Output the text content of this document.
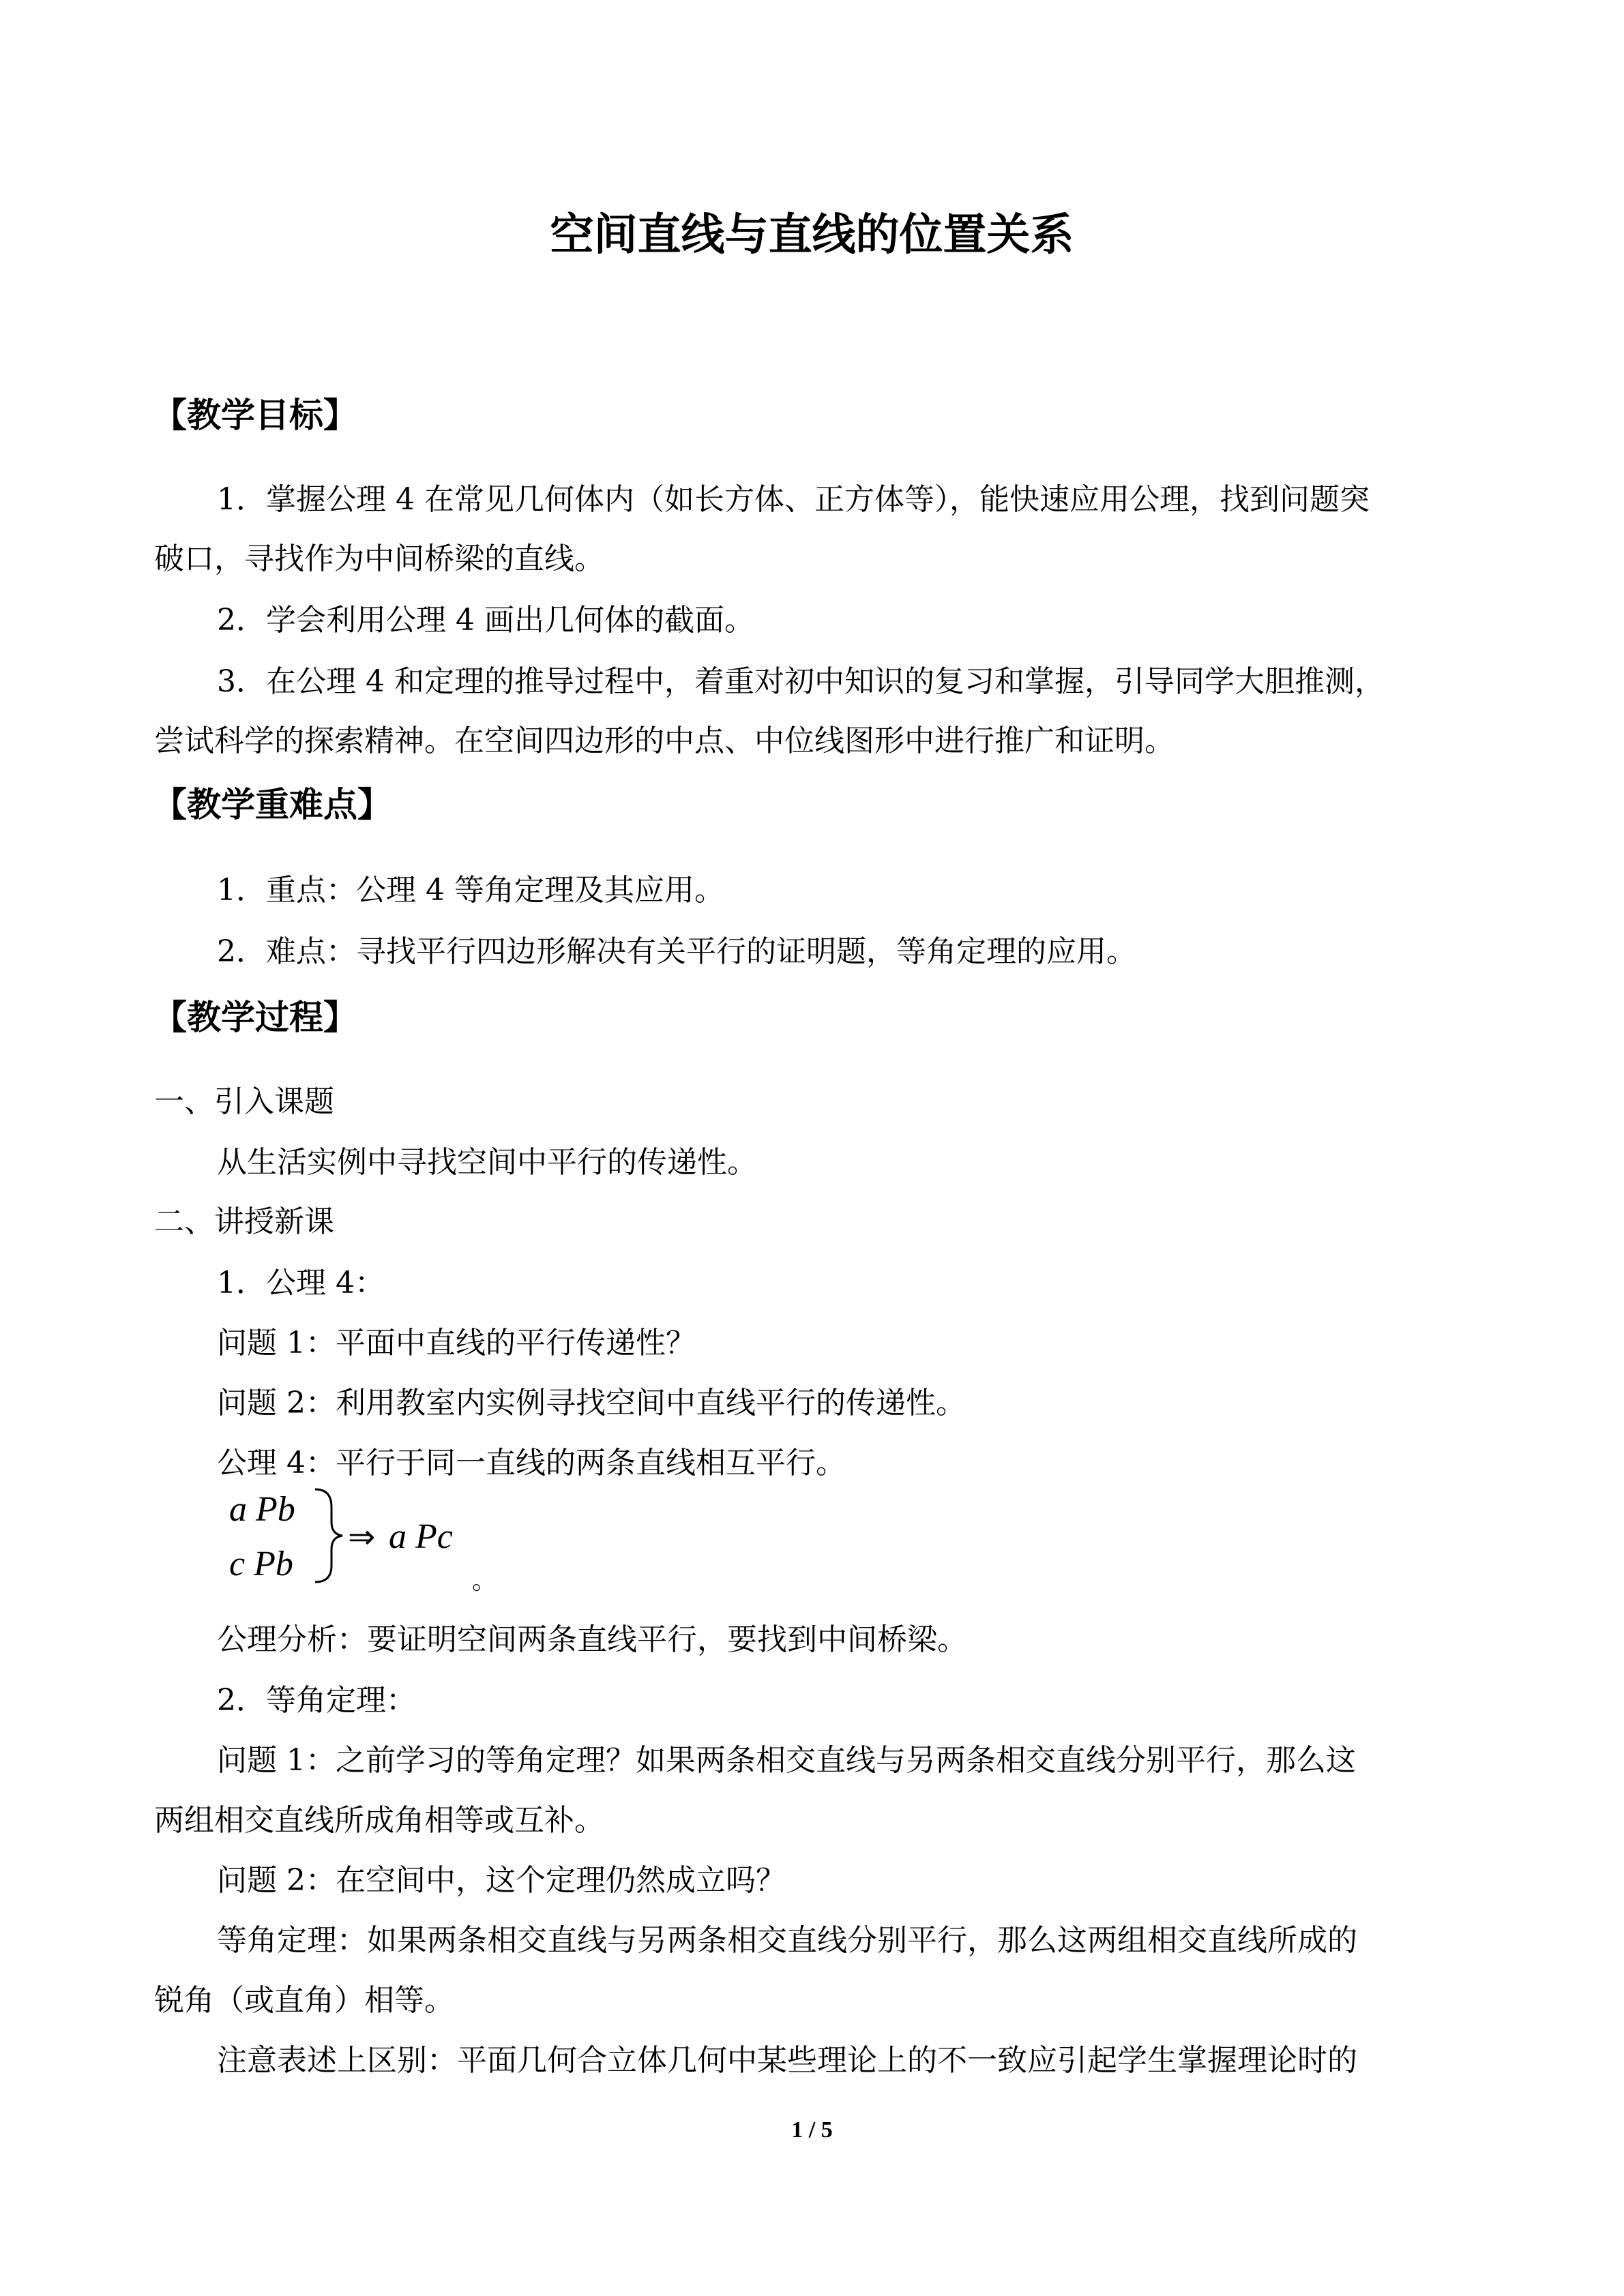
空间直线与直线的位置关系
【教学目标】
1．掌握公理 4 在常见几何体内（如长方体、正方体等），能快速应用公理，找到问题突
破口，寻找作为中间桥梁的直线。
2．学会利用公理 4 画出几何体的截面。
3．在公理 4 和定理的推导过程中，着重对初中知识的复习和掌握，引导同学大胆推测，
尝试科学的探索精神。在空间四边形的中点、中位线图形中进行推广和证明。
【教学重难点】
1．重点：公理 4 等角定理及其应用。
2．难点：寻找平行四边形解决有关平行的证明题，等角定理的应用。
【教学过程】
一、引入课题
从生活实例中寻找空间中平行的传递性。
二、讲授新课
1．公理 4：
问题 1：平面中直线的平行传递性？
问题 2：利用教室内实例寻找空间中直线平行的传递性。
公理 4：平行于同一直线的两条直线相互平行。
a Pb
c Pb
⇒ a Pc
。
公理分析：要证明空间两条直线平行，要找到中间桥梁。
2．等角定理：
问题 1：之前学习的等角定理？如果两条相交直线与另两条相交直线分别平行，那么这
两组相交直线所成角相等或互补。
问题 2：在空间中，这个定理仍然成立吗？
等角定理：如果两条相交直线与另两条相交直线分别平行，那么这两组相交直线所成的
锐角（或直角）相等。
注意表述上区别：平面几何合立体几何中某些理论上的不一致应引起学生掌握理论时的
1 / 5
